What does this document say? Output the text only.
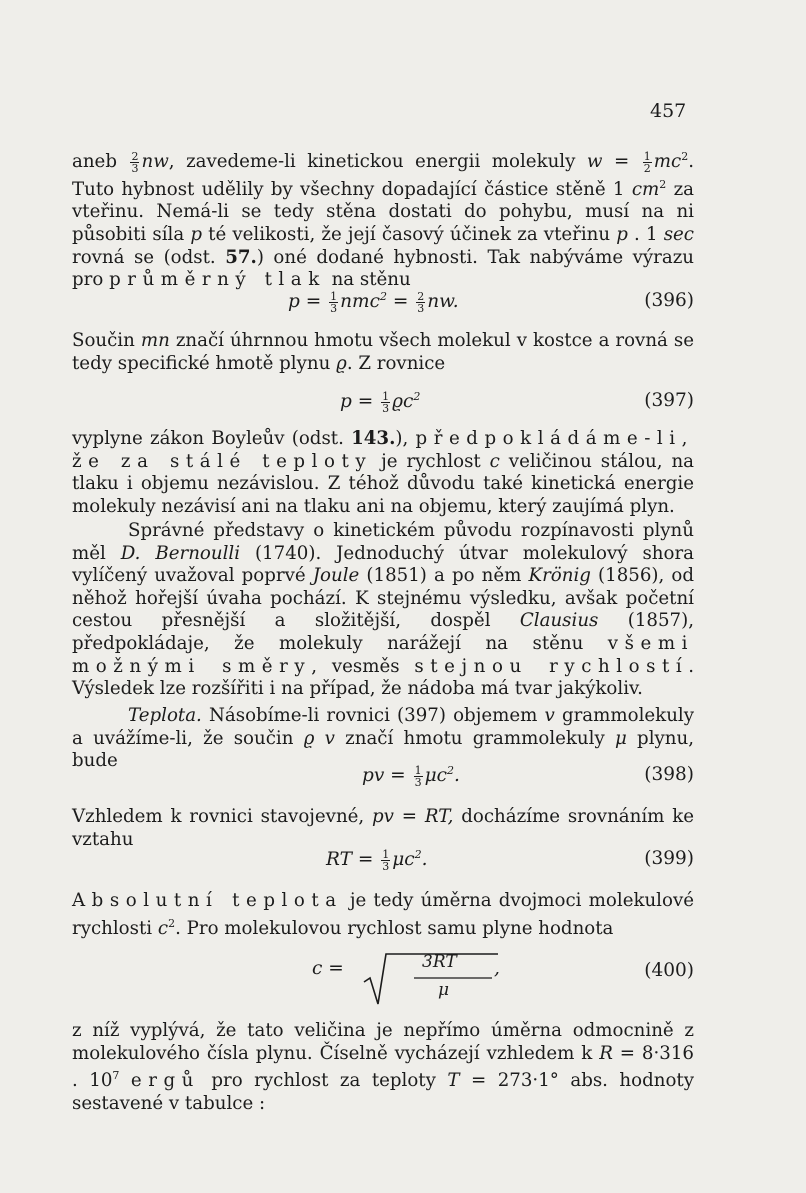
457

aneb $\frac{2}{3}$ nw, zavedeme-li kinetickou energii molekuly $w = \frac{1}{2} mc^2$. Tuto hybnost udělily by všechny dopadající částice stěně 1 $cm^2$ za vteřinu. Nemá-li se tedy stěna dostati do pohybu, musí na ni působiti síla p té velikosti, že její časový účinek za vteřinu p . 1 sec rovná se (odst. 57.) oné dodané hybnosti. Tak nabýváme výrazu pro průměrný tlak na stěnu

$p = \frac{1}{3} nmc^2 = \frac{2}{3}$ nw.	(396)

Součin mn značí úhrnnou hmotu všech molekul v kostce a rovná se tedy specifické hmotě plynu ϱ. Z rovnice

$p = \frac{1}{3} ϱc^2$	(397)

vyplyne zákon Boyleův (odst. 143.), předpokládáme-li, že za stálé teploty je rychlost c veličinou stálou, na tlaku i objemu nezávislou. Z téhož důvodu také kinetická energie molekuly nezávisí ani na tlaku ani na objemu, který zaujímá plyn.

Správné představy o kinetickém původu rozpínavosti plynů měl D. Bernoulli (1740). Jednoduchý útvar molekulový shora vylíčený uvažoval poprvé Joule (1851) a po něm Krönig (1856), od něhož hořejší úvaha pochází. K stejnému výsledku, avšak početní cestou přesnější a složitější, dospěl Clausius (1857), předpokládaje, že molekuly narážejí na stěnu všemi možnými směry, vesměs stejnou rychlostí. Výsledek lze rozšířiti i na případ, že nádoba má tvar jakýkoliv.

Teplota. Násobíme-li rovnici (397) objemem v grammolekuly a uvážíme-li, že součin ϱ v značí hmotu grammolekuly μ plynu, bude

pv = $\frac{1}{3} \mu c^2$.	(398)

Vzhledem k rovnici stavojevné, pv = RT, docházíme srovnáním ke vztahu

RT = $\frac{1}{3} \mu c^2$.	(399)

Absolutní teplota je tedy úměrna dvojmoci molekulové rychlosti $c^2$. Pro molekulovou rychlost samu plyne hodnota

c =	3RT
μ
,	(400)

z níž vyplývá, že tato veličina je nepřímo úměrna odmocnině z molekulového čísla plynu. Číselně vycházejí vzhledem k R = 8·316 . $10^7$ ergů pro rychlost za teploty T = 273·1° abs. hodnoty sestavené v tabulce :
